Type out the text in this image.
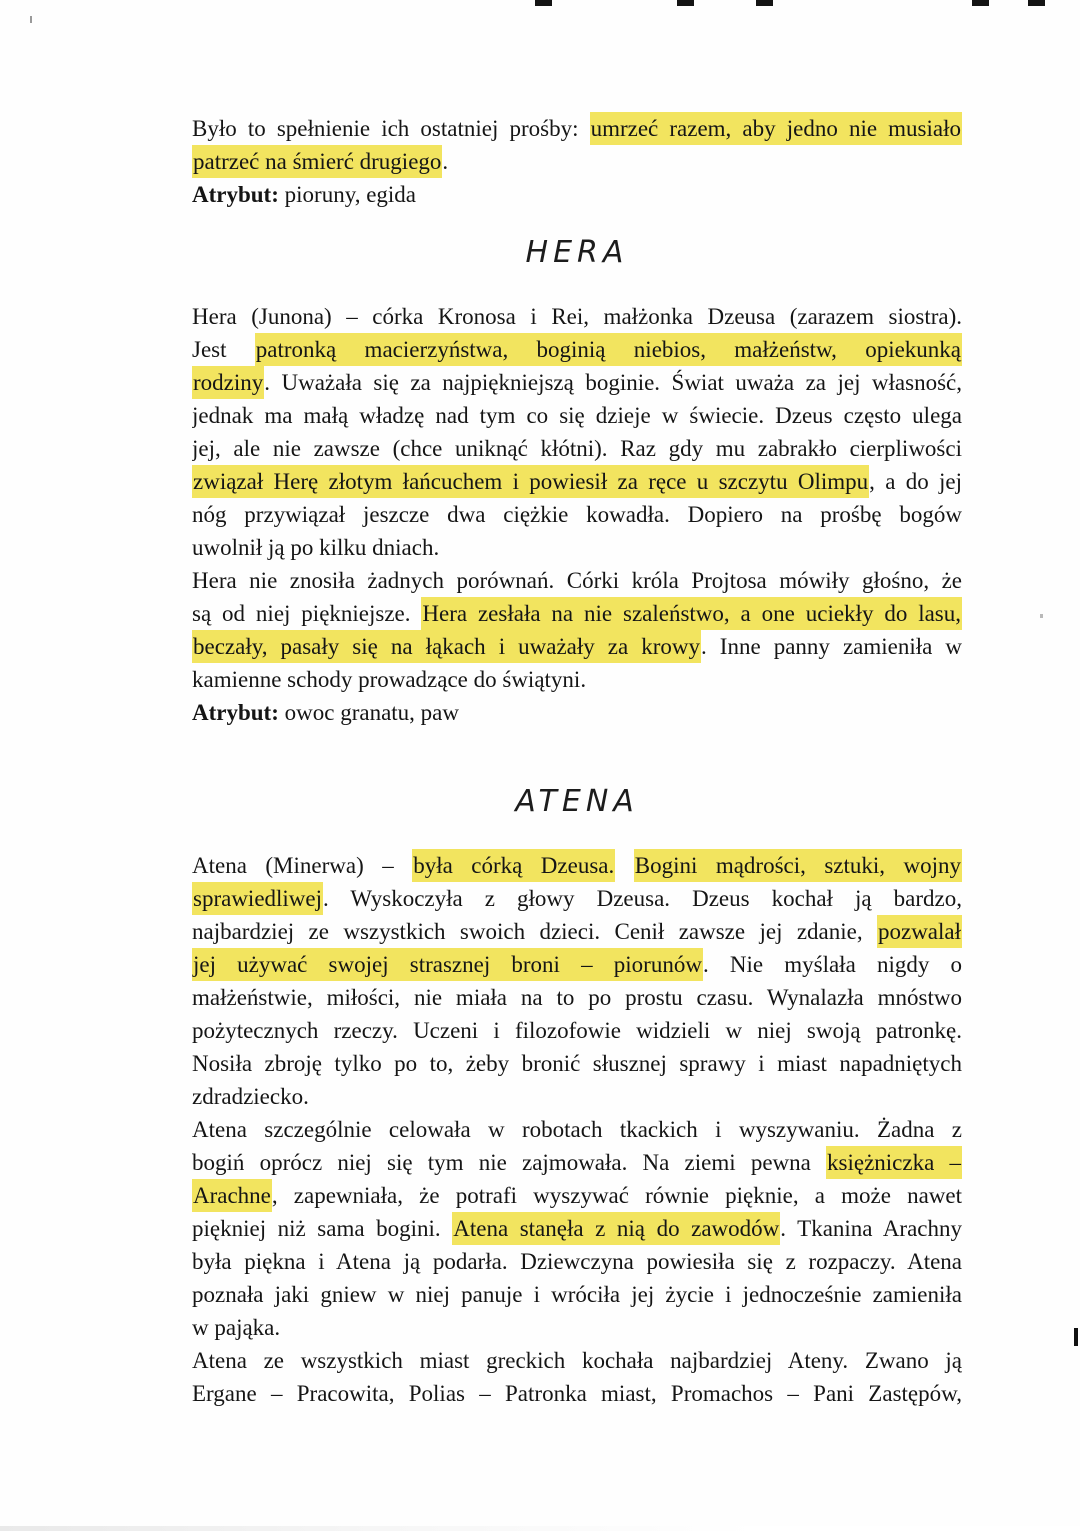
Było to spełnienie ich ostatniej prośby: umrzeć razem, aby jedno nie musiało
patrzeć na śmierć drugiego.
Atrybut: pioruny, egida
HERA
Hera (Junona) – córka Kronosa i Rei, małżonka Dzeusa (zarazem siostra).
Jest patronką macierzyństwa, boginią niebios, małżeństw, opiekunką
rodziny. Uważała się za najpiękniejszą boginie. Świat uważa za jej własność,
jednak ma małą władzę nad tym co się dzieje w świecie. Dzeus często ulega
jej, ale nie zawsze (chce uniknąć kłótni). Raz gdy mu zabrakło cierpliwości
związał Herę złotym łańcuchem i powiesił za ręce u szczytu Olimpu, a do jej
nóg przywiązał jeszcze dwa ciężkie kowadła. Dopiero na prośbę bogów
uwolnił ją po kilku dniach.
Hera nie znosiła żadnych porównań. Córki króla Projtosa mówiły głośno, że
są od niej piękniejsze. Hera zesłała na nie szaleństwo, a one uciekły do lasu,
beczały, pasały się na łąkach i uważały za krowy. Inne panny zamieniła w
kamienne schody prowadzące do świątyni.
Atrybut: owoc granatu, paw
ATENA
Atena (Minerwa) – była córką Dzeusa. Bogini mądrości, sztuki, wojny
sprawiedliwej. Wyskoczyła z głowy Dzeusa. Dzeus kochał ją bardzo,
najbardziej ze wszystkich swoich dzieci. Cenił zawsze jej zdanie, pozwalał
jej używać swojej strasznej broni – piorunów. Nie myślała nigdy o
małżeństwie, miłości, nie miała na to po prostu czasu. Wynalazła mnóstwo
pożytecznych rzeczy. Uczeni i filozofowie widzieli w niej swoją patronkę.
Nosiła zbroję tylko po to, żeby bronić słusznej sprawy i miast napadniętych
zdradziecko.
Atena szczególnie celowała w robotach tkackich i wyszywaniu. Żadna z
bogiń oprócz niej się tym nie zajmowała. Na ziemi pewna księżniczka –
Arachne, zapewniała, że potrafi wyszywać równie pięknie, a może nawet
piękniej niż sama bogini. Atena stanęła z nią do zawodów. Tkanina Arachny
była piękna i Atena ją podarła. Dziewczyna powiesiła się z rozpaczy. Atena
poznała jaki gniew w niej panuje i wróciła jej życie i jednocześnie zamieniła
w pająka.
Atena ze wszystkich miast greckich kochała najbardziej Ateny. Zwano ją
Ergane – Pracowita, Polias – Patronka miast, Promachos – Pani Zastępów,
